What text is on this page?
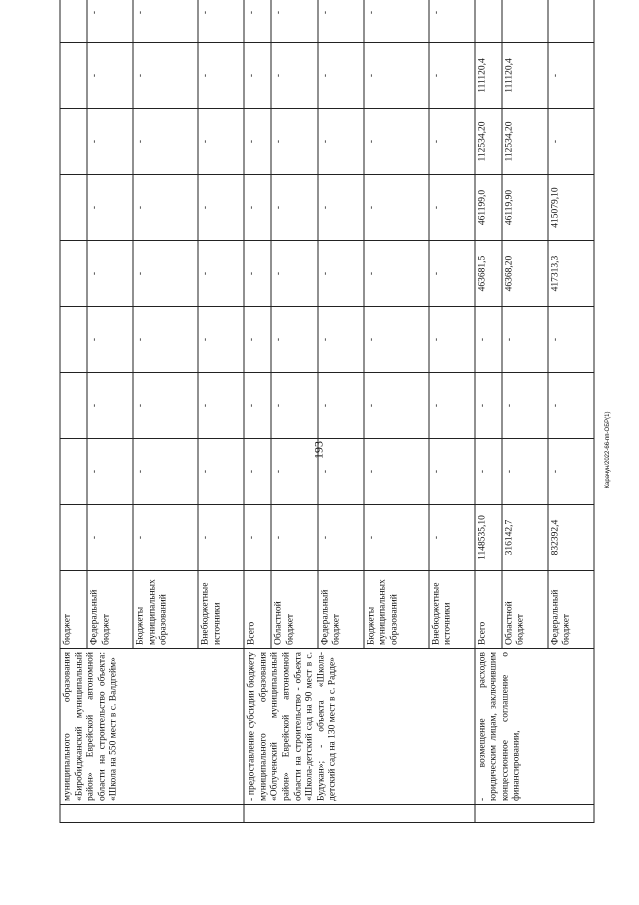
193
	муниципального образования «Биробиджанский муниципальный район» Еврейской автономной области на строительство объекта: «Школа на 550 мест в с. Валдгейм»	бюджет									
		Федеральный бюджет	-	-	-	-	-	-	-	-	-
		Бюджеты муниципальных образований	-	-	-	-	-	-	-	-	-
		Внебюджетные источники	-	-	-	-	-	-	-	-	-
	- предоставление субсидии бюджету муниципального образования «Облученский муниципальный район» Еврейской автономной области на строительство - объекта «Школа-детский сад на 90 мест в с. Будукан»; - объекта «Школа-детский сад на 130 мест в с. Радде»	Всего	-	-	-	-	-	-	-	-	-
		Областной бюджет	-	-	-	-	-	-	-	-	-
		Федеральный бюджет	-	-	-	-	-	-	-	-	-
		Бюджеты муниципальных образований	-	-	-	-	-	-	-	-	-
		Внебюджетные источники	-	-	-	-	-	-	-	-	-
	- возмещение расходов юридическим лицам, заключившим концессионное соглашение о финансировании,	Всего	1148535,10	-	-	-	463681,5	461199,0	112534,20	111120,4	
		Областной бюджет	316142,7	-	-	-	46368,20	46119,90	112534,20	111120,4	
		Федеральный бюджет	832392,4	-	-	-	417313,3	415079,10	-	-	
Карачун/2022-66-пп-ОБР(1)
